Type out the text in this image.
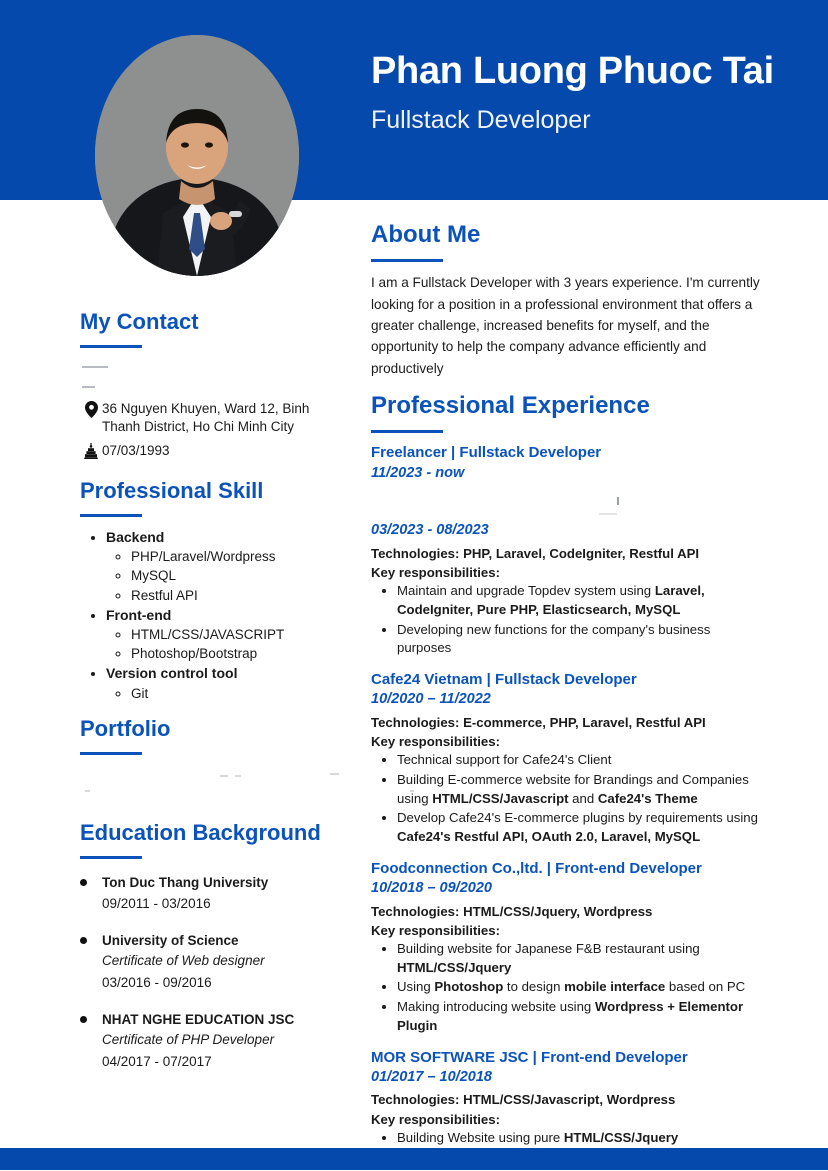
Phan Luong Phuoc Tai
Fullstack Developer
My Contact
36 Nguyen Khuyen, Ward 12, Binh Thanh District, Ho Chi Minh City
07/03/1993
Professional Skill
• Backend
◦ PHP/Laravel/Wordpress
◦ MySQL
◦ Restful API
• Front-end
◦ HTML/CSS/JAVASCRIPT
◦ Photoshop/Bootstrap
• Version control tool
◦ Git
Portfolio
Education Background
Ton Duc Thang University
09/2011 - 03/2016
University of Science
Certificate of Web designer
03/2016 - 09/2016
NHAT NGHE EDUCATION JSC
Certificate of PHP Developer
04/2017 - 07/2017
About Me

I am a Fullstack Developer with 3 years experience. I'm currently looking for a position in a professional environment that offers a greater challenge, increased benefits for myself, and the opportunity to help the company advance efficiently and productively

Professional Experience
Freelancer | Fullstack Developer
11/2023 - now
03/2023 - 08/2023
Technologies: PHP, Laravel, CodeIgniter, Restful API
Key responsibilities:
• Maintain and upgrade Topdev system using Laravel, CodeIgniter, Pure PHP, Elasticsearch, MySQL
• Developing new functions for the company's business purposes
Cafe24 Vietnam | Fullstack Developer
10/2020 – 11/2022
Technologies: E-commerce, PHP, Laravel, Restful API
Key responsibilities:
• Technical support for Cafe24's Client
• Building E-commerce website for Brandings and Companies using HTML/CSS/Javascript and Cafe24's Theme
• Develop Cafe24's E-commerce plugins by requirements using Cafe24's Restful API, OAuth 2.0, Laravel, MySQL
Foodconnection Co.,ltd. | Front-end Developer
10/2018 – 09/2020
Technologies: HTML/CSS/Jquery, Wordpress
Key responsibilities:
• Building website for Japanese F&B restaurant using HTML/CSS/Jquery
• Using Photoshop to design mobile interface based on PC
• Making introducing website using Wordpress + Elementor Plugin
MOR SOFTWARE JSC | Front-end Developer
01/2017 – 10/2018
Technologies: HTML/CSS/Javascript, Wordpress
Key responsibilities:
• Building Website using pure HTML/CSS/Jquery
•
